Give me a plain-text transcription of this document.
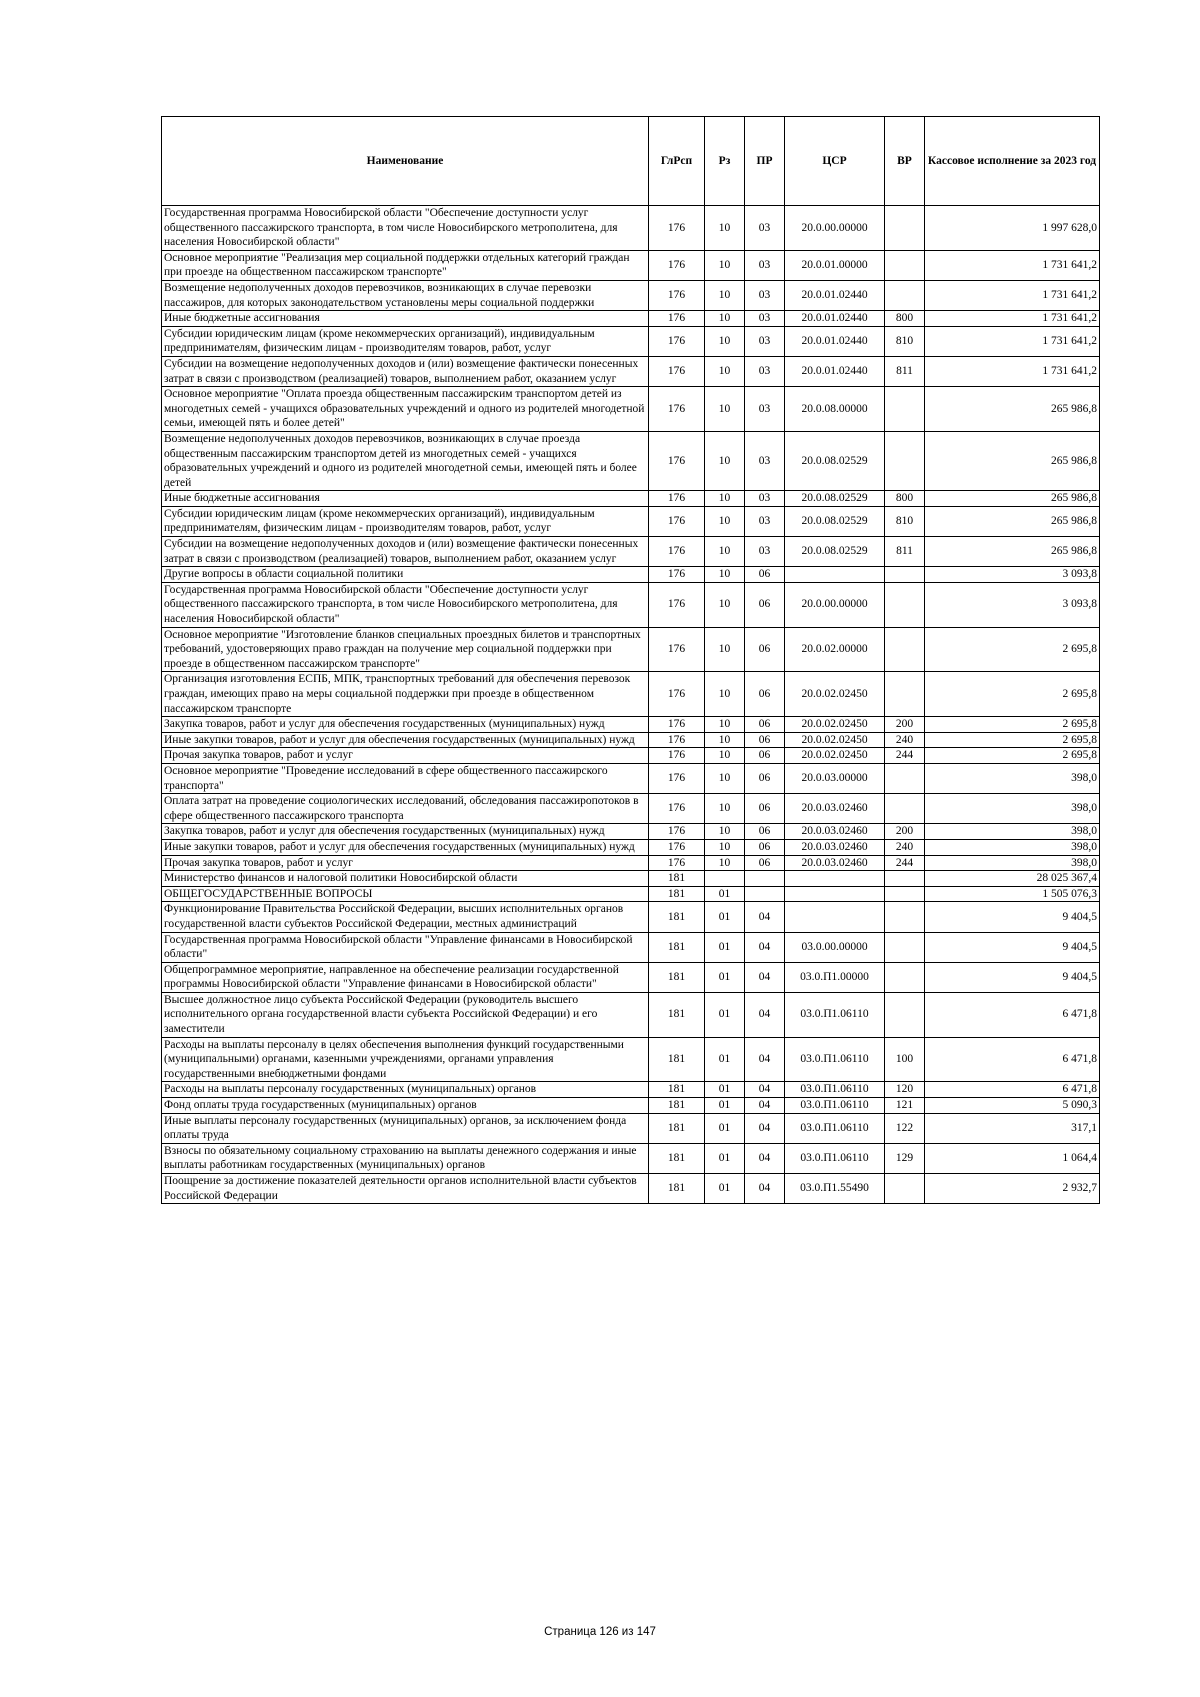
Наименование	ГлРсп	Рз	ПР	ЦСР	ВР	Кассовое исполнение за 2023 год
Государственная программа Новосибирской области "Обеспечение доступности услуг общественного пассажирского транспорта, в том числе Новосибирского метрополитена, для населения Новосибирской области"	176	10	03	20.0.00.00000		1 997 628,0
Основное мероприятие "Реализация мер социальной поддержки отдельных категорий граждан при проезде на общественном пассажирском транспорте"	176	10	03	20.0.01.00000		1 731 641,2
Возмещение недополученных доходов перевозчиков, возникающих в случае перевозки пассажиров, для которых законодательством установлены меры социальной поддержки	176	10	03	20.0.01.02440		1 731 641,2
Иные бюджетные ассигнования	176	10	03	20.0.01.02440	800	1 731 641,2
Субсидии юридическим лицам (кроме некоммерческих организаций), индивидуальным предпринимателям, физическим лицам - производителям товаров, работ, услуг	176	10	03	20.0.01.02440	810	1 731 641,2
Субсидии на возмещение недополученных доходов и (или) возмещение фактически понесенных затрат в связи с производством (реализацией) товаров, выполнением работ, оказанием услуг	176	10	03	20.0.01.02440	811	1 731 641,2
Основное мероприятие "Оплата проезда общественным пассажирским транспортом детей из многодетных семей - учащихся образовательных учреждений и одного из родителей многодетной семьи, имеющей пять и более детей"	176	10	03	20.0.08.00000		265 986,8
Возмещение недополученных доходов перевозчиков, возникающих в случае проезда общественным пассажирским транспортом детей из многодетных семей - учащихся образовательных учреждений и одного из родителей многодетной семьи, имеющей пять и более детей	176	10	03	20.0.08.02529		265 986,8
Иные бюджетные ассигнования	176	10	03	20.0.08.02529	800	265 986,8
Субсидии юридическим лицам (кроме некоммерческих организаций), индивидуальным предпринимателям, физическим лицам - производителям товаров, работ, услуг	176	10	03	20.0.08.02529	810	265 986,8
Субсидии на возмещение недополученных доходов и (или) возмещение фактически понесенных затрат в связи с производством (реализацией) товаров, выполнением работ, оказанием услуг	176	10	03	20.0.08.02529	811	265 986,8
Другие вопросы в области социальной политики	176	10	06			3 093,8
Государственная программа Новосибирской области "Обеспечение доступности услуг общественного пассажирского транспорта, в том числе Новосибирского метрополитена, для населения Новосибирской области"	176	10	06	20.0.00.00000		3 093,8
Основное мероприятие "Изготовление бланков специальных проездных билетов и транспортных требований, удостоверяющих право граждан на получение мер социальной поддержки при проезде в общественном пассажирском транспорте"	176	10	06	20.0.02.00000		2 695,8
Организация изготовления ЕСПБ, МПК, транспортных требований для обеспечения перевозок граждан, имеющих право на меры социальной поддержки при проезде в общественном пассажирском транспорте	176	10	06	20.0.02.02450		2 695,8
Закупка товаров, работ и услуг для обеспечения государственных (муниципальных) нужд	176	10	06	20.0.02.02450	200	2 695,8
Иные закупки товаров, работ и услуг для обеспечения государственных (муниципальных) нужд	176	10	06	20.0.02.02450	240	2 695,8
Прочая закупка товаров, работ и услуг	176	10	06	20.0.02.02450	244	2 695,8
Основное мероприятие "Проведение исследований в сфере общественного пассажирского транспорта"	176	10	06	20.0.03.00000		398,0
Оплата затрат на проведение социологических исследований, обследования пассажиропотоков в сфере общественного пассажирского транспорта	176	10	06	20.0.03.02460		398,0
Закупка товаров, работ и услуг для обеспечения государственных (муниципальных) нужд	176	10	06	20.0.03.02460	200	398,0
Иные закупки товаров, работ и услуг для обеспечения государственных (муниципальных) нужд	176	10	06	20.0.03.02460	240	398,0
Прочая закупка товаров, работ и услуг	176	10	06	20.0.03.02460	244	398,0
Министерство финансов и налоговой политики Новосибирской области	181					28 025 367,4
ОБЩЕГОСУДАРСТВЕННЫЕ ВОПРОСЫ	181	01				1 505 076,3
Функционирование Правительства Российской Федерации, высших исполнительных органов государственной власти субъектов Российской Федерации, местных администраций	181	01	04			9 404,5
Государственная программа Новосибирской области "Управление финансами в Новосибирской области"	181	01	04	03.0.00.00000		9 404,5
Общепрограммное мероприятие, направленное на обеспечение реализации государственной программы Новосибирской области "Управление финансами в Новосибирской области"	181	01	04	03.0.П1.00000		9 404,5
Высшее должностное лицо субъекта Российской Федерации (руководитель высшего исполнительного органа государственной власти субъекта Российской Федерации) и его заместители	181	01	04	03.0.П1.06110		6 471,8
Расходы на выплаты персоналу в целях обеспечения выполнения функций государственными (муниципальными) органами, казенными учреждениями, органами управления государственными внебюджетными фондами	181	01	04	03.0.П1.06110	100	6 471,8
Расходы на выплаты персоналу государственных (муниципальных) органов	181	01	04	03.0.П1.06110	120	6 471,8
Фонд оплаты труда государственных (муниципальных) органов	181	01	04	03.0.П1.06110	121	5 090,3
Иные выплаты персоналу государственных (муниципальных) органов, за исключением фонда оплаты труда	181	01	04	03.0.П1.06110	122	317,1
Взносы по обязательному социальному страхованию на выплаты денежного содержания и иные выплаты работникам государственных (муниципальных) органов	181	01	04	03.0.П1.06110	129	1 064,4
Поощрение за достижение показателей деятельности органов исполнительной власти субъектов Российской Федерации	181	01	04	03.0.П1.55490		2 932,7
Страница 126 из 147
